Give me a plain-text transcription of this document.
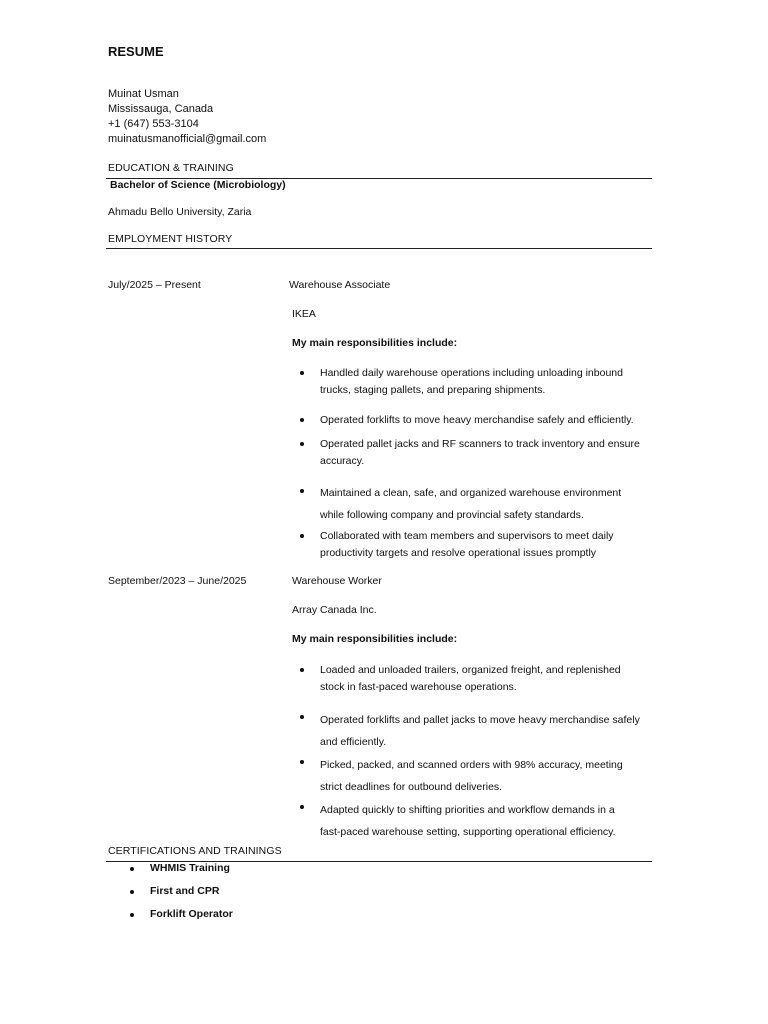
RESUME
Muinat Usman
Mississauga, Canada
+1 (647) 553-3104
muinatusmanofficial@gmail.com
EDUCATION & TRAINING
Bachelor of Science (Microbiology)
Ahmadu Bello University, Zaria
EMPLOYMENT HISTORY
July/2025 – Present	Warehouse Associate
IKEA
My main responsibilities include:
Handled daily warehouse operations including unloading inbound
trucks, staging pallets, and preparing shipments.
Operated forklifts to move heavy merchandise safely and efficiently.
Operated pallet jacks and RF scanners to track inventory and ensure
accuracy.
Maintained a clean, safe, and organized warehouse environment
while following company and provincial safety standards.
Collaborated with team members and supervisors to meet daily
productivity targets and resolve operational issues promptly
September/2023 – June/2025	Warehouse Worker
Array Canada Inc.
My main responsibilities include:
Loaded and unloaded trailers, organized freight, and replenished
stock in fast-paced warehouse operations.
Operated forklifts and pallet jacks to move heavy merchandise safely
and efficiently.
Picked, packed, and scanned orders with 98% accuracy, meeting
strict deadlines for outbound deliveries.
Adapted quickly to shifting priorities and workflow demands in a
fast-paced warehouse setting, supporting operational efficiency.
CERTIFICATIONS AND TRAININGS
WHMIS Training
First and CPR
Forklift Operator
